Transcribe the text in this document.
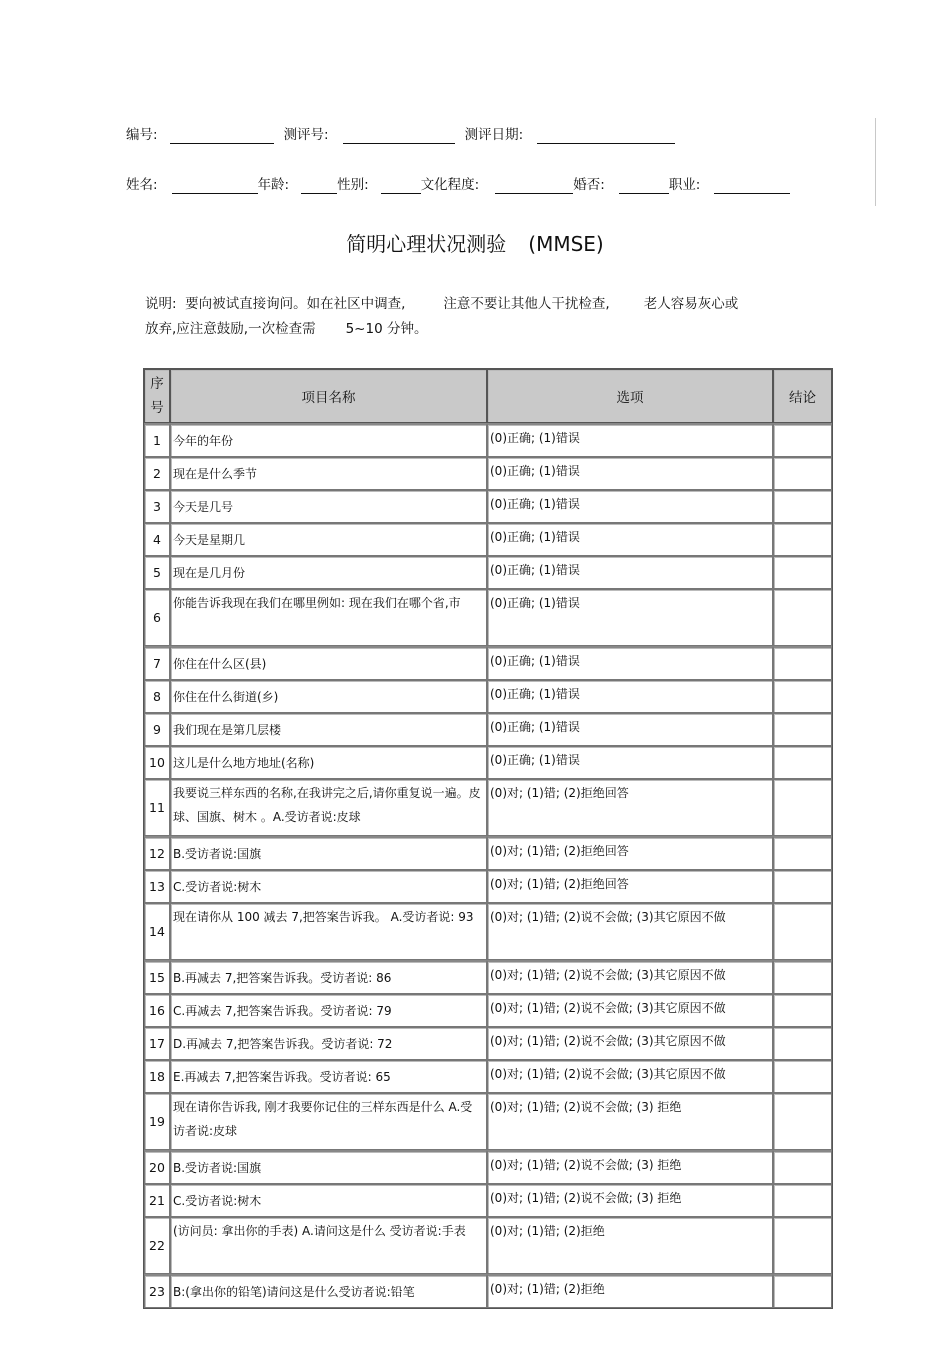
编号:	测评号:	测评日期:
姓名:	年龄:	性别:	文化程度:	婚否:	职业:
简明心理状况测验 (MMSE)
说明:  要向被试直接询问。如在社区中调查,	注意不要让其他人干扰检查,	老人容易灰心或
放弃,应注意鼓励,一次检查需 5~10 分钟。
序
号	项目名称	选项	结论
1	今年的年份	(0)正确; (1)错误	
2	现在是什么季节	(0)正确; (1)错误	
3	今天是几号	(0)正确; (1)错误	
4	今天是星期几	(0)正确; (1)错误	
5	现在是几月份	(0)正确; (1)错误	
6	你能告诉我现在我们在哪里例如: 现在我们在哪个省,市	(0)正确; (1)错误	
7	你住在什么区(县)	(0)正确; (1)错误	
8	你住在什么街道(乡)	(0)正确; (1)错误	
9	我们现在是第几层楼	(0)正确; (1)错误	
10	这儿是什么地方地址(名称)	(0)正确; (1)错误	
11	我要说三样东西的名称,在我讲完之后,请你重复说一遍。皮球、国旗、树木 。A.受访者说:皮球	(0)对; (1)错; (2)拒绝回答	
12	B.受访者说:国旗	(0)对; (1)错; (2)拒绝回答	
13	C.受访者说:树木	(0)对; (1)错; (2)拒绝回答	
14	现在请你从 100 减去 7,把答案告诉我。 A.受访者说: 93	(0)对; (1)错; (2)说不会做; (3)其它原因不做	
15	B.再减去 7,把答案告诉我。受访者说: 86	(0)对; (1)错; (2)说不会做; (3)其它原因不做	
16	C.再减去 7,把答案告诉我。受访者说: 79	(0)对; (1)错; (2)说不会做; (3)其它原因不做	
17	D.再减去 7,把答案告诉我。受访者说: 72	(0)对; (1)错; (2)说不会做; (3)其它原因不做	
18	E.再减去 7,把答案告诉我。受访者说: 65	(0)对; (1)错; (2)说不会做; (3)其它原因不做	
19	现在请你告诉我, 刚才我要你记住的三样东西是什么 A.受访者说:皮球	(0)对; (1)错; (2)说不会做; (3) 拒绝	
20	B.受访者说:国旗	(0)对; (1)错; (2)说不会做; (3) 拒绝	
21	C.受访者说:树木	(0)对; (1)错; (2)说不会做; (3) 拒绝	
22	(访问员: 拿出你的手表) A.请问这是什么 受访者说:手表	(0)对; (1)错; (2)拒绝	
23	B:(拿出你的铅笔)请问这是什么受访者说:铅笔	(0)对; (1)错; (2)拒绝	
